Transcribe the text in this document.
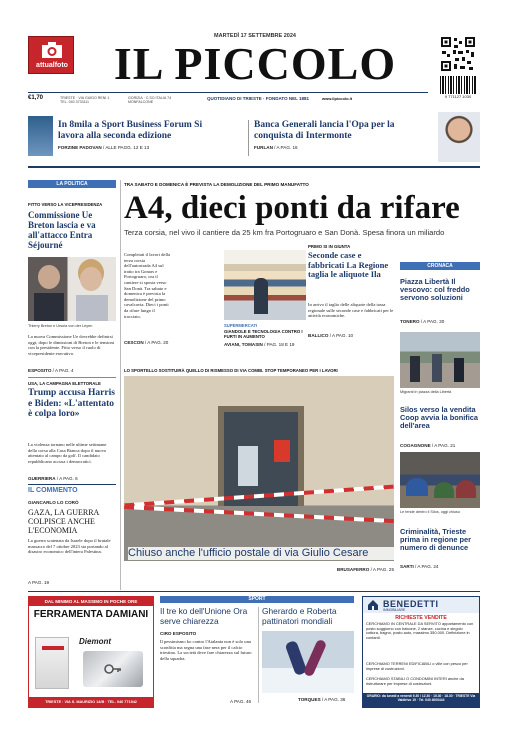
attualfoto
MARTEDÌ 17 SETTEMBRE 2024
IL PICCOLO
9 771127 1030
€1,70	TRIESTE · VIA GUIDO RENI 1
TEL. 040 3733111
GORIZIA · C.SO ITALIA 74
MONFALCONE
QUOTIDIANO DI TRIESTE · FONDATO NEL 1881	www.ilpiccolo.it
In 8mila a Sport Business Forum Si lavora alla seconda edizione
FORZINE PADOVAN / ALLE PAGG. 12 E 13
Banca Generali lancia l'Opa per la conquista di Intermonte
FURLAN / A PAG. 16
LA POLITICA
FITTO VERSO LA VICEPRESIDENZA
Commissione Ue Breton lascia e va all'attacco Entra Séjourné
Thierry Breton e Ursula von der Leyen
La nuova Commissione Ue dovrebbe definirsi oggi, dopo le dimissioni di Breton e le tensioni con la presidente. Fitto verso il ruolo di vicepresidente esecutivo.
ESPOSITO / A PAG. 4
USA, LA CAMPAGNA ELETTORALE
Trump accusa Harris e Biden: «L'attentato è colpa loro»
La violenza tornano nelle ultime settimane della corsa alla Casa Bianca dopo il nuovo attentato al campo da golf. Il candidato repubblicano accusa i democratici.
GUERRIERA / A PAG. 6
IL COMMENTO
GIANCARLO LO CORÒ
GAZA, LA GUERRA COLPISCE ANCHE L'ECONOMIA
La guerra scatenata da Israele dopo il brutale massacro del 7 ottobre 2023 sta portando al disastro economico dell'intera Palestina.
A PAG. 19
TRA SABATO E DOMENICA È PREVISTA LA DEMOLIZIONE DEL PRIMO MANUFATTO
A4, dieci ponti da rifare
Terza corsia, nel vivo il cantiere da 25 km fra Portogruaro e San Donà. Spesa finora un miliardo
Completati il lavori della terza corsia dell'autostrada A4 sul tratto tra Gonars e Portogruaro, ora il cantiere si sposta verso San Donà. Tra sabato e domenica è prevista la demolizione del primo cavalcavia. Dieci i ponti da rifare lungo il tracciato.
CESCON / A PAG. 20
SUPERMERCATI
GIANDOLE E TECNOLOGIA CONTRO I FURTI IN AUMENTO
AVIANI, TOMASIN / PAG. 18 E 19
PRIMO SI IN GIUNTA
Seconde case e fabbricati La Regione taglia le aliquote Ila
In arrivo il taglio delle aliquote della tassa regionale sulle seconde case e fabbricati per le attività economiche.
BALLICO / A PAG. 10
CRONACA
Piazza Libertà Il vescovo: col freddo servono soluzioni
TONERO / A PAG. 30
Migranti in piazza della Libertà
Silos verso la vendita Coop avvia la bonifica dell'area
COOAGNONE / A PAG. 21
Le tende dentro il Silos, oggi chiuso
Criminalità, Trieste prima in regione per numero di denunce
SARTI / A PAG. 24
LO SPORTELLO SOSTITUIRÀ QUELLO DI RISMESSO DI VIA COMBI. STOP TEMPORANEO PER I LAVORI
Chiuso anche l'ufficio postale di via Giulio Cesare
BRUSAFERRO / A PAG. 25
DAL MINIMO AL MASSIMO IN POCHE ORE
FERRAMENTA DAMIANI
Diemont
TRIESTE · VIA S. MAURIZIO 14/B · TEL. 040 771942
SPORT
Il tre ko dell'Unione Ora serve chiarezza
CIRO ESPOSITO
Il pessimismo ko contro l'Atalanta non è solo una sconfitta ma segna una fase nera per il calcio triestino. La società deve fare chiarezza sul futuro della squadra.
A PAG. 46
Gherardo e Roberta pattinatori mondiali
TORQUES / A PAG. 36
BENEDETTI
IMMOBILIARE
RICHIESTE VENDITE
CERCHIAMO IN CENTRALE DA SERVITO appartamento con posto soggiorno con balcone, 2 stanze, cucina e singolo cottura, bagno, posto auto, massimo 350.000. Definizione in contanti.
CERCHIAMO TERRENI EDIFICABILI o ville con pesco per imprese di costruzioni.
CERCHIAMO STABILI O CONDOMINI INTERI anche da ristrutturare per imprese di costruzioni.
ORARIO: da lunedì a venerdì 9.30 / 12.30 · 15.30 · 18.30 · TRIESTE Via Valdirivo 19 · Tel. 040 4000444
